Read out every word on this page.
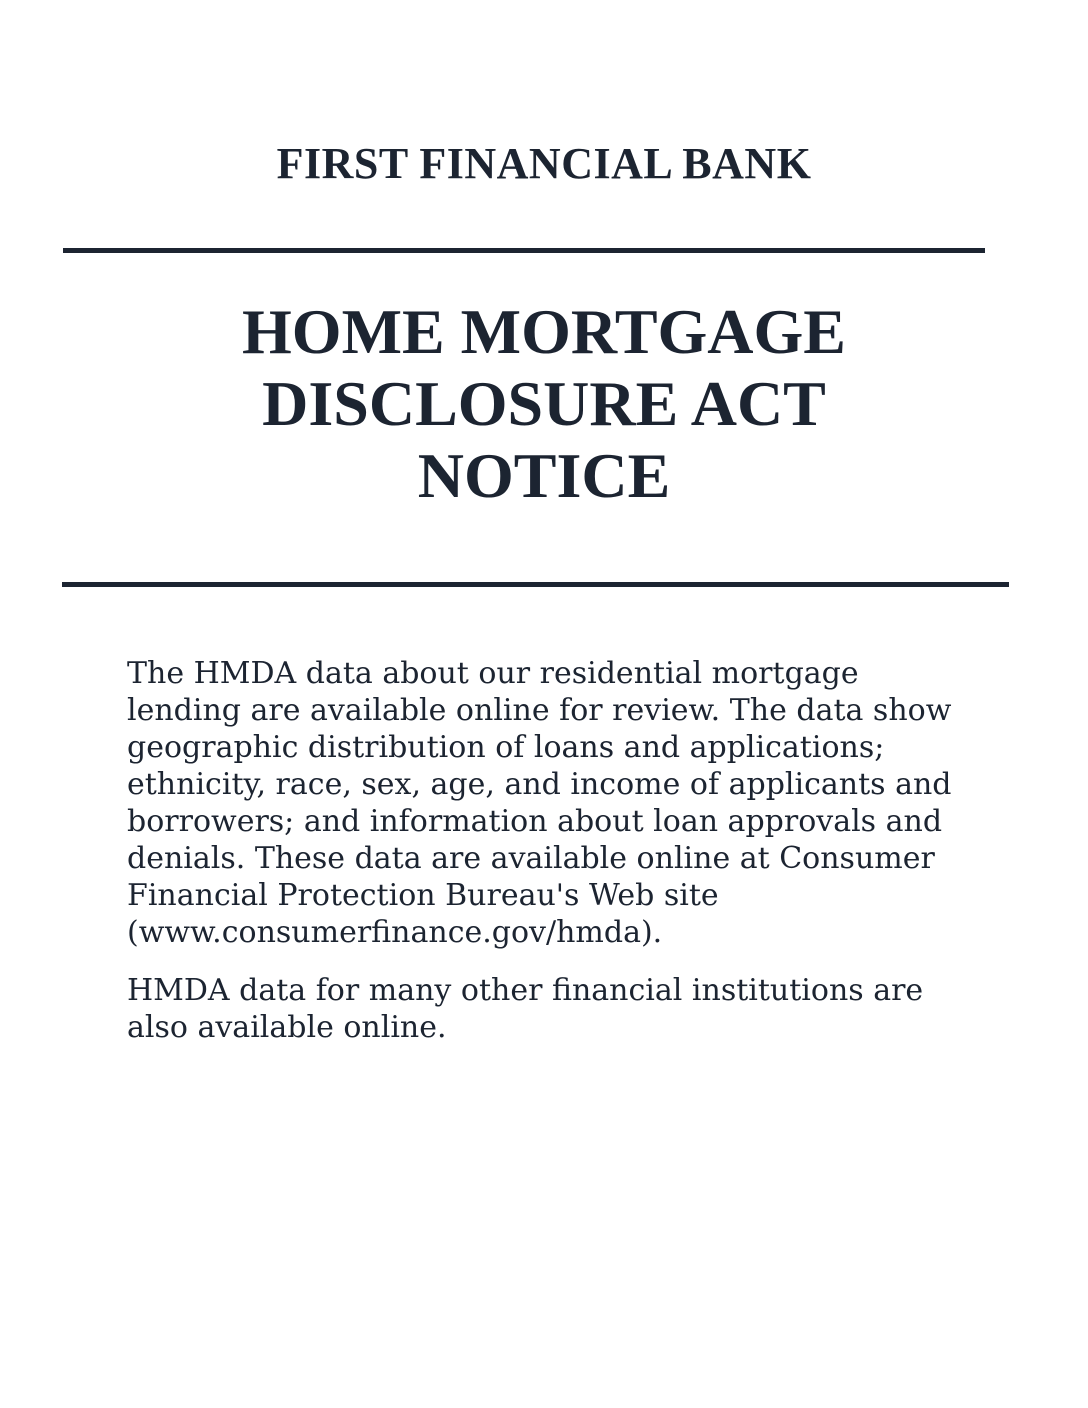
FIRST FINANCIAL BANK
HOME MORTGAGE
DISCLOSURE ACT
NOTICE

The HMDA data about our residential mortgage lending are available online for review. The data show geographic distribution of loans and applications; ethnicity, race, sex, age, and income of applicants and borrowers; and information about loan approvals and denials. These data are available online at Consumer Financial Protection Bureau's Web site (www.consumerfinance.gov/hmda).

HMDA data for many other financial institutions are also available online.
